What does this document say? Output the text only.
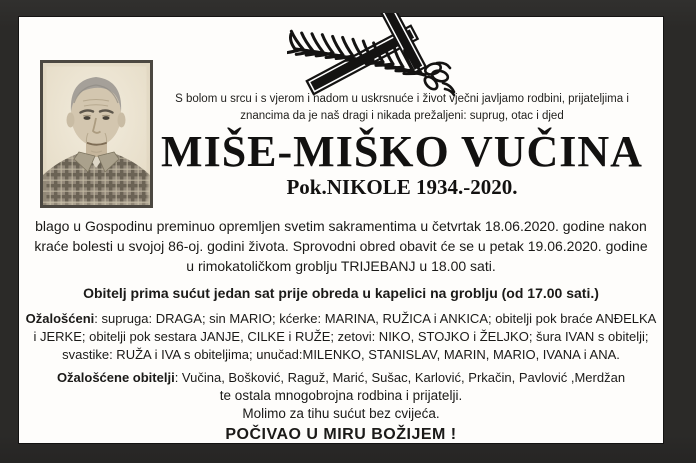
S bolom u srcu i s vjerom i nadom u uskrsnuće i život vječni javljamo rodbini, prijateljima i
znancima da je naš dragi i nikada prežaljeni: suprug, otac i djed
MIŠE-MIŠKO VUČINA
Pok.NIKOLE 1934.-2020.

blago u Gospodinu preminuo opremljen svetim sakramentima u četvrtak 18.06.2020. godine nakon kraće bolesti u svojoj 86-oj. godini života. Sprovodni obred obavit će se u petak 19.06.2020. godine u rimokatoličkom groblju TRIJEBANJ u 18.00 sati.

Obitelj prima sućut jedan sat prije obreda u kapelici na groblju (od 17.00 sati.)

Ožalošćeni: supruga: DRAGA; sin MARIO; kćerke: MARINA, RUŽICA i ANKICA; obitelji pok braće ANĐELKA i JERKE; obitelji pok sestara JANJE, CILKE i RUŽE; zetovi: NIKO, STOJKO i ŽELJKO; šura IVAN s obitelji; svastike: RUŽA i IVA s obiteljima; unučad:MILENKO, STANISLAV, MARIN, MARIO, IVANA i ANA.

Ožalošćene obitelji: Vučina, Bošković, Raguž, Marić, Sušac, Karlović, Prkačin, Pavlović ,Merdžan

te ostala mnogobrojna rodbina i prijatelji.

Molimo za tihu sućut bez cvijeća.

POČIVAO U MIRU BOŽIJEM !
